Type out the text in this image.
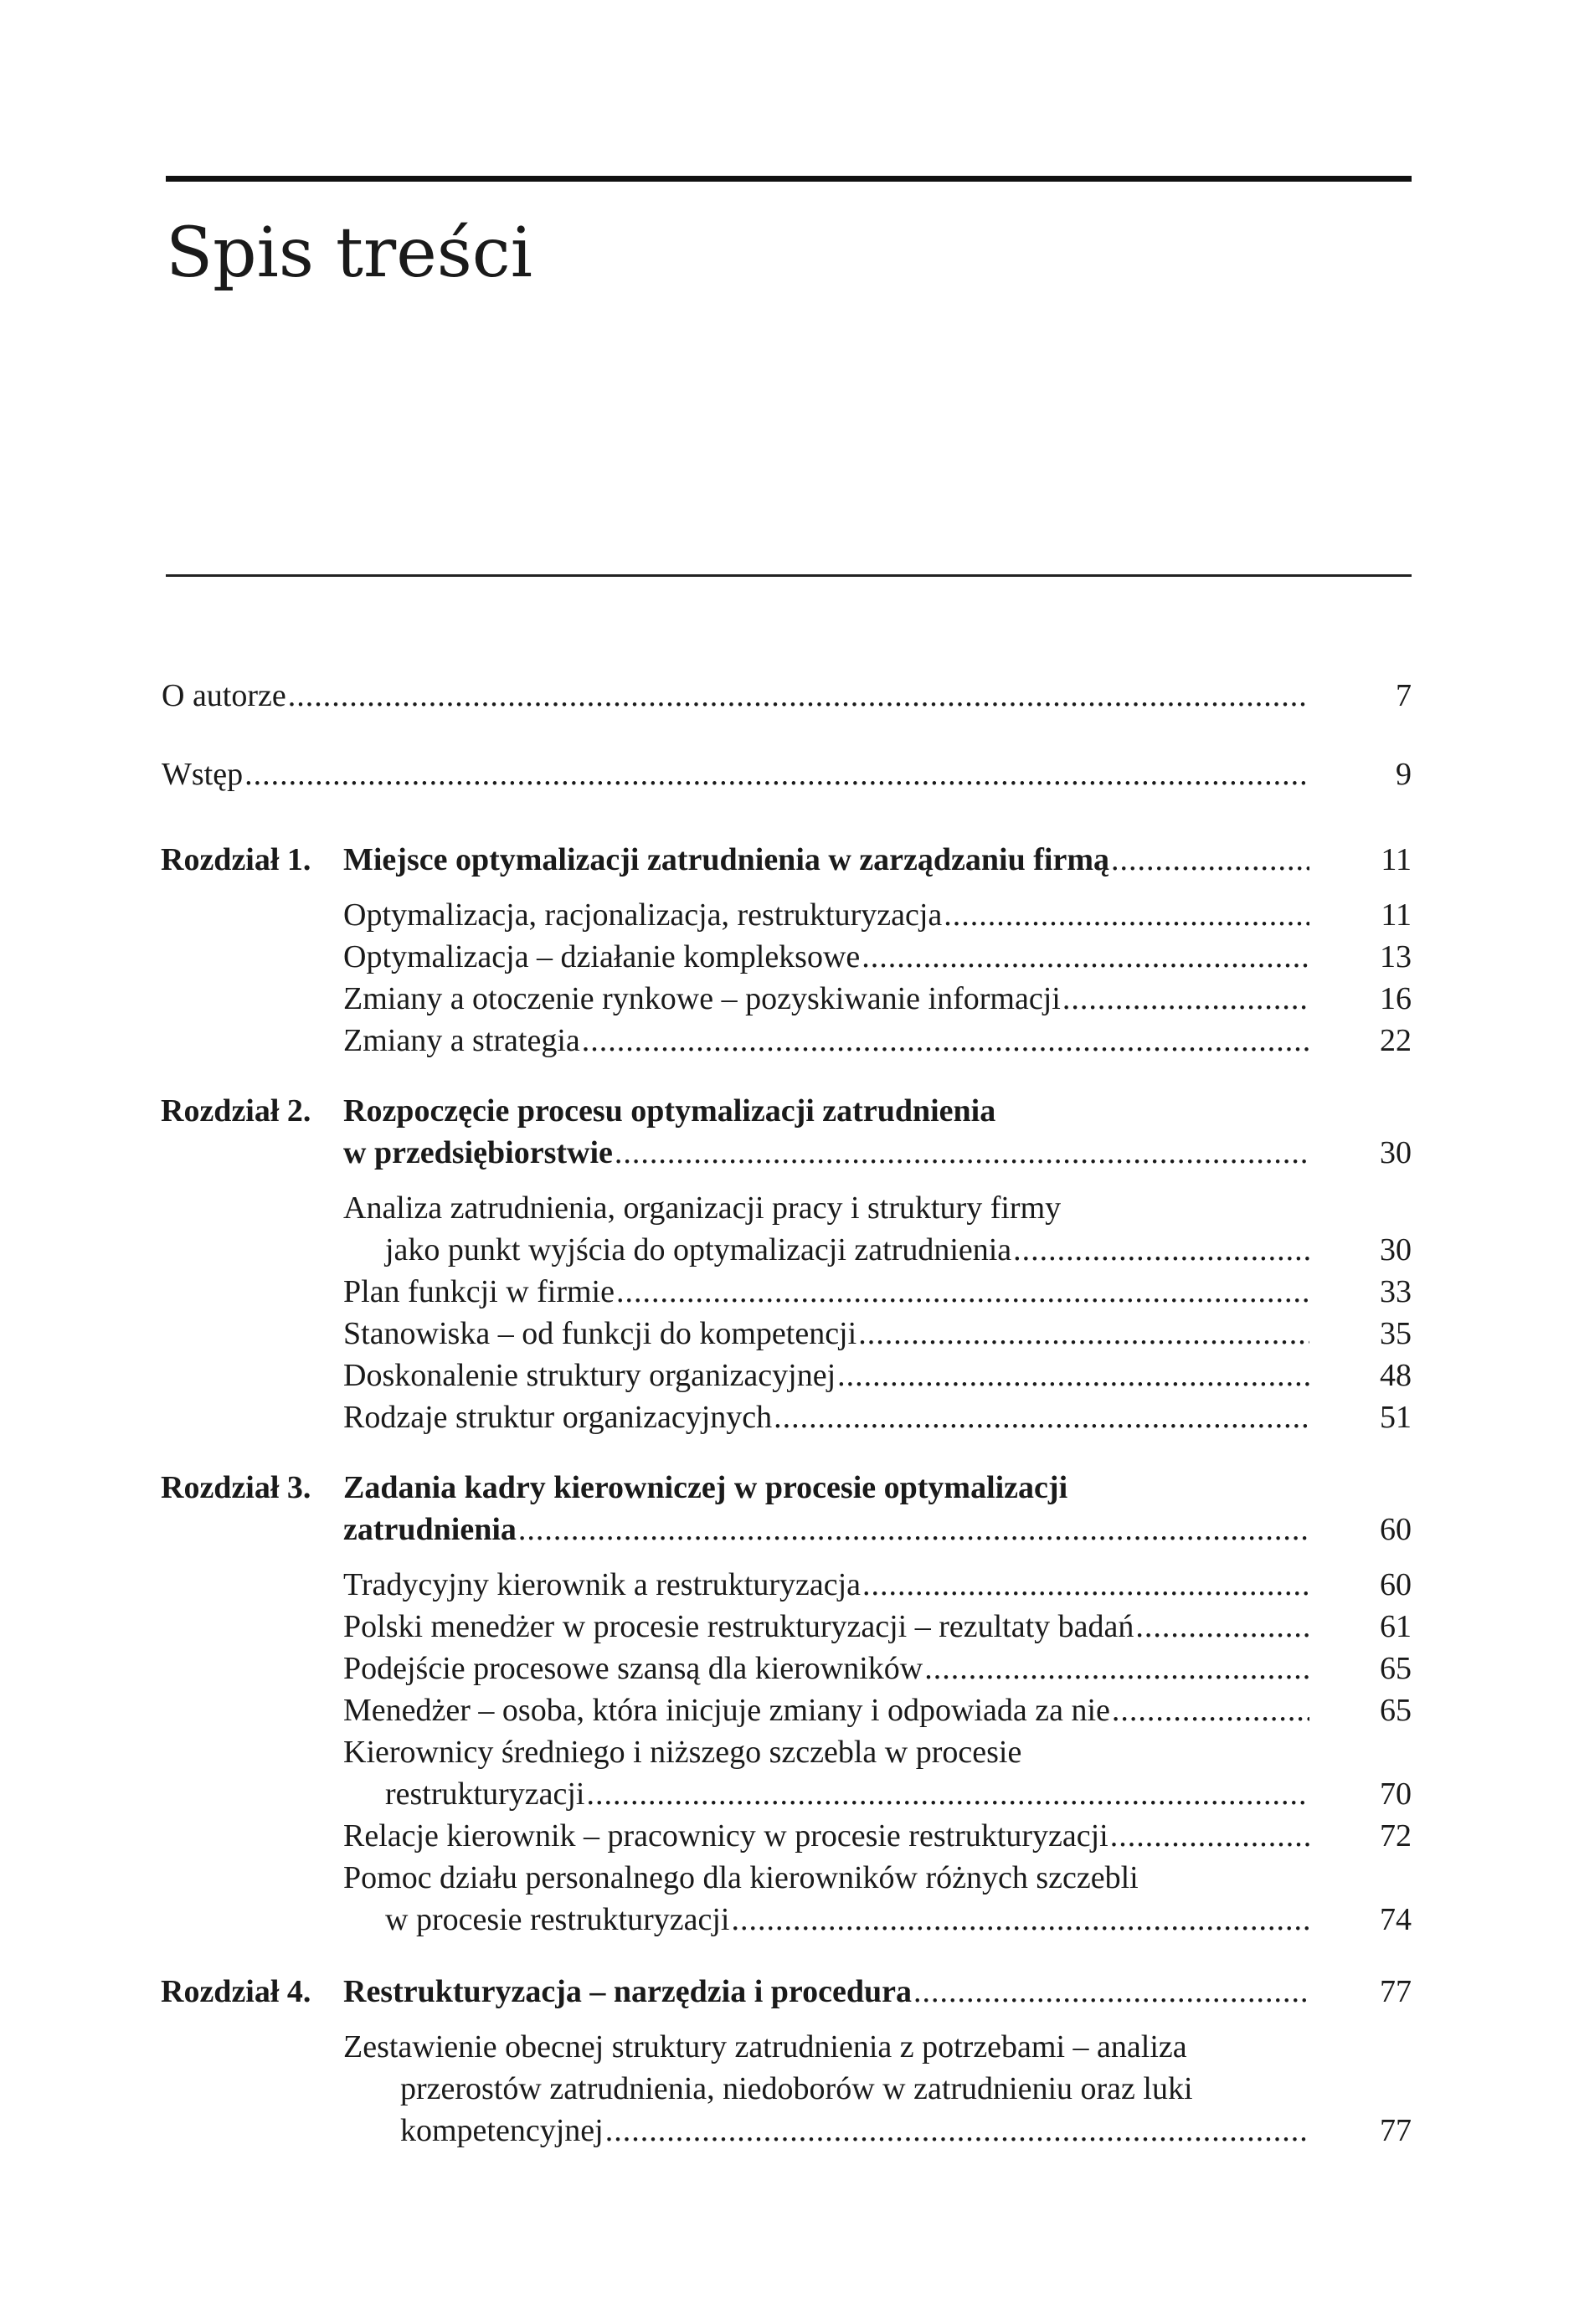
Spis treści
O autorze .....	7
Wstęp .....	9
Rozdział 1. Miejsce optymalizacji zatrudnienia w zarządzaniu firmą .....	11
Optymalizacja, racjonalizacja, restrukturyzacja .....	11
Optymalizacja – działanie kompleksowe .....	13
Zmiany a otoczenie rynkowe – pozyskiwanie informacji .....	16
Zmiany a strategia .....	22
Rozdział 2. Rozpoczęcie procesu optymalizacji zatrudnienia
w przedsiębiorstwie .....	30
Analiza zatrudnienia, organizacji pracy i struktury firmy
jako punkt wyjścia do optymalizacji zatrudnienia .....	30
Plan funkcji w firmie .....	33
Stanowiska – od funkcji do kompetencji .....	35
Doskonalenie struktury organizacyjnej .....	48
Rodzaje struktur organizacyjnych .....	51
Rozdział 3. Zadania kadry kierowniczej w procesie optymalizacji
zatrudnienia .....	60
Tradycyjny kierownik a restrukturyzacja .....	60
Polski menedżer w procesie restrukturyzacji – rezultaty badań .....	61
Podejście procesowe szansą dla kierowników .....	65
Menedżer – osoba, która inicjuje zmiany i odpowiada za nie .....	65
Kierownicy średniego i niższego szczebla w procesie
restrukturyzacji .....	70
Relacje kierownik – pracownicy w procesie restrukturyzacji .....	72
Pomoc działu personalnego dla kierowników różnych szczebli
w procesie restrukturyzacji .....	74
Rozdział 4. Restrukturyzacja – narzędzia i procedura .....	77
Zestawienie obecnej struktury zatrudnienia z potrzebami – analiza
przerostów zatrudnienia, niedoborów w zatrudnieniu oraz luki
kompetencyjnej .....	77
